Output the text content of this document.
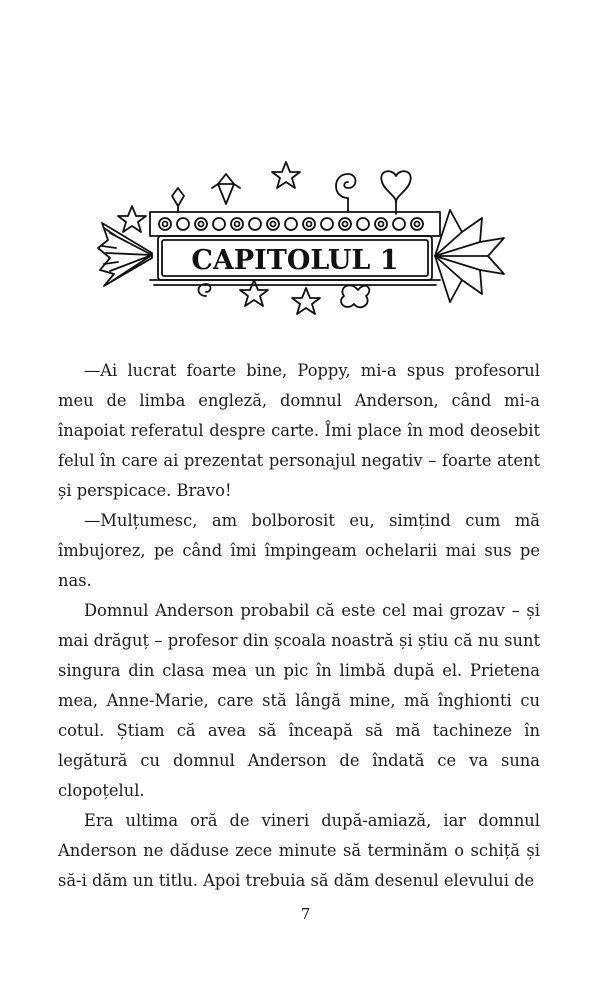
CAPITOLUL 1

—Ai lucrat foarte bine, Poppy, mi-a spus profesorul meu de limba engleză, domnul Anderson, când mi-a înapoiat referatul despre carte. Îmi place în mod deosebit felul în care ai prezentat personajul negativ – foarte atent și perspicace. Bravo!

—Mulțumesc, am bolborosit eu, simțind cum mă îmbujorez, pe când îmi împingeam ochelarii mai sus pe nas.

Domnul Anderson probabil că este cel mai grozav – și mai drăguț – profesor din școala noastră și știu că nu sunt singura din clasa mea un pic în limbă după el. Prietena mea, Anne-Marie, care stă lângă mine, mă înghionti cu cotul. Știam că avea să înceapă să mă tachineze în legătură cu domnul Anderson de îndată ce va suna clopoțelul.

Era ultima oră de vineri după-amiază, iar domnul Anderson ne dăduse zece minute să terminăm o schiță și să-i dăm un titlu. Apoi trebuia să dăm desenul elevului de

7
